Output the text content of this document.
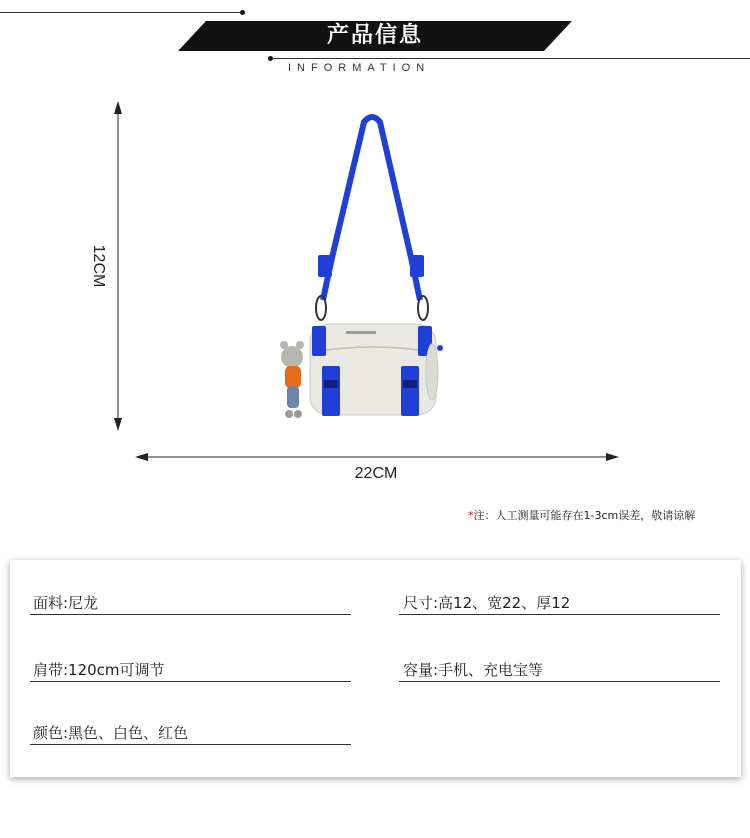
产品信息
INFORMATION
12CM
22CM
*注：人工测量可能存在1-3cm误差，敬请谅解
面料:尼龙
肩带:120cm可调节
颜色:黑色、白色、红色
尺寸:高12、宽22、厚12
容量:手机、充电宝等
